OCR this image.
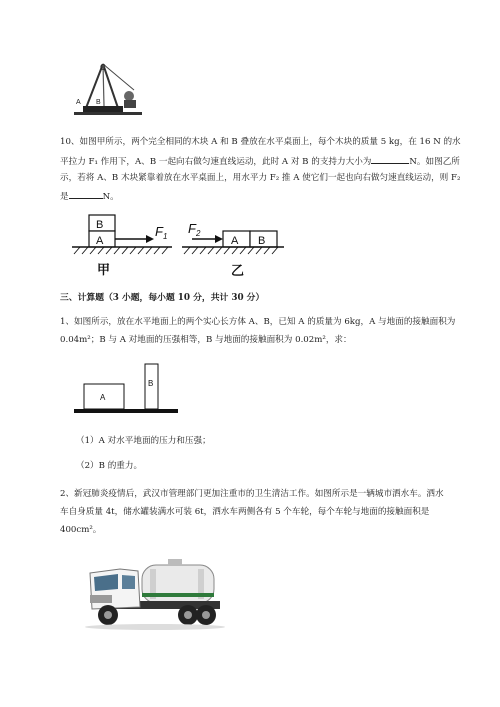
C
A B
10、如图甲所示，两个完全相同的木块 A 和 B 叠放在水平桌面上，每个木块的质量 5 kg，在 16 N 的水
平拉力 F₁ 作用下，A、B 一起向右做匀速直线运动，此时 A 对 B 的支持力大小为	N。如图乙所
示，若将 A、B 木块紧靠着放在水平桌面上，用水平力 F₂ 推 A 使它们一起也向右做匀速直线运动，则 F₂
是	N。
B
A
$F_1$
甲
$F_2$
A B
乙
三、计算题（3 小题，每小题 10 分，共计 30 分）
1、如图所示，放在水平地面上的两个实心长方体 A、B，已知 A 的质量为 6kg，A 与地面的接触面积为
0.04m²；B 与 A 对地面的压强相等，B 与地面的接触面积为 0.02m²，求：
A
B
（1）A 对水平地面的压力和压强；
（2）B 的重力。
2、新冠肺炎疫情后，武汉市管理部门更加注重市的卫生清洁工作。如图所示是一辆城市洒水车。洒水
车自身质量 4t，储水罐装满水可装 6t，洒水车两侧各有 5 个车轮，每个车轮与地面的接触面积是
400cm²。
